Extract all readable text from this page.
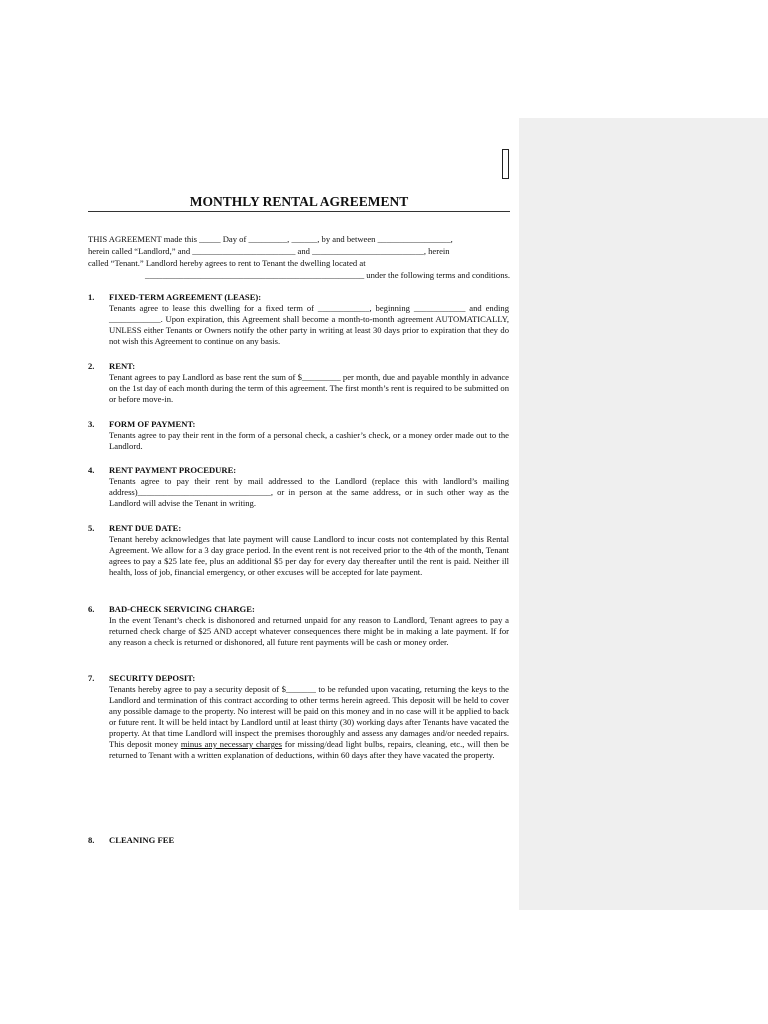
MONTHLY RENTAL AGREEMENT
THIS AGREEMENT made this _____ Day of _________, ______, by and between _________________,
herein called “Landlord,” and ________________________ and __________________________, herein
called “Tenant.” Landlord hereby agrees to rent to Tenant the dwelling located at
___________________________________________________ under the following terms and conditions.
1. FIXED-TERM AGREEMENT (LEASE):
Tenants agree to lease this dwelling for a fixed term of ____________, beginning ____________ and ending ____________. Upon expiration, this Agreement shall become a month-to-month agreement AUTOMATICALLY, UNLESS either Tenants or Owners notify the other party in writing at least 30 days prior to expiration that they do not wish this Agreement to continue on any basis.
2. RENT:
Tenant agrees to pay Landlord as base rent the sum of $_________ per month, due and payable monthly in advance on the 1st day of each month during the term of this agreement. The first month’s rent is required to be submitted on or before move-in.
3. FORM OF PAYMENT:
Tenants agree to pay their rent in the form of a personal check, a cashier’s check, or a money order made out to the Landlord.
4. RENT PAYMENT PROCEDURE:
Tenants agree to pay their rent by mail addressed to the Landlord (replace this with landlord’s mailing address)_______________________________, or in person at the same address, or in such other way as the Landlord will advise the Tenant in writing.
5. RENT DUE DATE:
Tenant hereby acknowledges that late payment will cause Landlord to incur costs not contemplated by this Rental Agreement. We allow for a 3 day grace period. In the event rent is not received prior to the 4th of the month, Tenant agrees to pay a $25 late fee, plus an additional $5 per day for every day thereafter until the rent is paid. Neither ill health, loss of job, financial emergency, or other excuses will be accepted for late payment.
6. BAD-CHECK SERVICING CHARGE:
In the event Tenant’s check is dishonored and returned unpaid for any reason to Landlord, Tenant agrees to pay a returned check charge of $25 AND accept whatever consequences there might be in making a late payment. If for any reason a check is returned or dishonored, all future rent payments will be cash or money order.
7. SECURITY DEPOSIT:
Tenants hereby agree to pay a security deposit of $_______ to be refunded upon vacating, returning the keys to the Landlord and termination of this contract according to other terms herein agreed. This deposit will be held to cover any possible damage to the property. No interest will be paid on this money and in no case will it be applied to back or future rent. It will be held intact by Landlord until at least thirty (30) working days after Tenants have vacated the property. At that time Landlord will inspect the premises thoroughly and assess any damages and/or needed repairs. This deposit money minus any necessary charges for missing/dead light bulbs, repairs, cleaning, etc., will then be returned to Tenant with a written explanation of deductions, within 60 days after they have vacated the property.
8. CLEANING FEE
